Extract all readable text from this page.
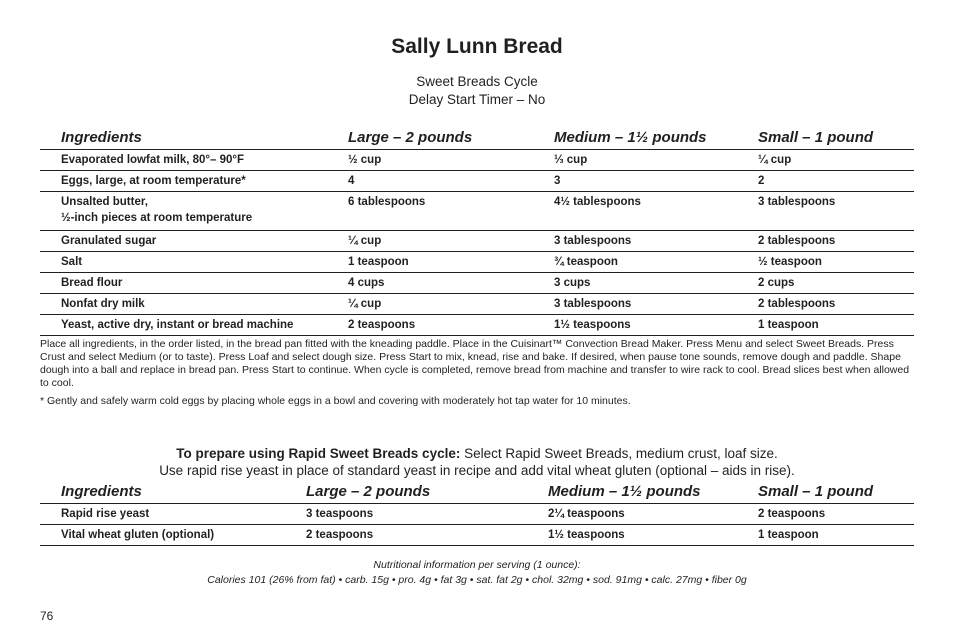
Sally Lunn Bread
Sweet Breads Cycle
Delay Start Timer – No
Ingredients	Large – 2 pounds	Medium – 1½ pounds	Small – 1 pound
Evaporated lowfat milk, 80°– 90°F	½ cup	⅓ cup	¼ cup
Eggs, large, at room temperature*	4	3	2

Unsalted butter,
½-inch pieces at room temperature	6 tablespoons	4½ tablespoons	3 tablespoons
Granulated sugar	¼ cup	3 tablespoons	2 tablespoons
Salt	1 teaspoon	¾ teaspoon	½ teaspoon
Bread flour	4 cups	3 cups	2 cups
Nonfat dry milk	¼ cup	3 tablespoons	2 tablespoons
Yeast, active dry, instant or bread machine	2 teaspoons	1½ teaspoons	1 teaspoon
Place all ingredients, in the order listed, in the bread pan fitted with the kneading paddle. Place in the Cuisinart™ Convection Bread Maker. Press Menu and select Sweet Breads. Press Crust and select Medium (or to taste). Press Loaf and select dough size. Press Start to mix, knead, rise and bake. If desired, when pause tone sounds, remove dough and paddle. Shape dough into a ball and replace in bread pan. Press Start to continue. When cycle is completed, remove bread from machine and transfer to wire rack to cool. Bread slices best when allowed to cool.
* Gently and safely warm cold eggs by placing whole eggs in a bowl and covering with moderately hot tap water for 10 minutes.
To prepare using Rapid Sweet Breads cycle: Select Rapid Sweet Breads, medium crust, loaf size.
Use rapid rise yeast in place of standard yeast in recipe and add vital wheat gluten (optional – aids in rise).
Ingredients	Large – 2 pounds	Medium – 1½ pounds	Small – 1 pound
Rapid rise yeast	3 teaspoons	2¼ teaspoons	2 teaspoons
Vital wheat gluten (optional)	2 teaspoons	1½ teaspoons	1 teaspoon
Nutritional information per serving (1 ounce):
Calories 101 (26% from fat) • carb. 15g • pro. 4g • fat 3g • sat. fat 2g • chol. 32mg • sod. 91mg • calc. 27mg • fiber 0g
76
